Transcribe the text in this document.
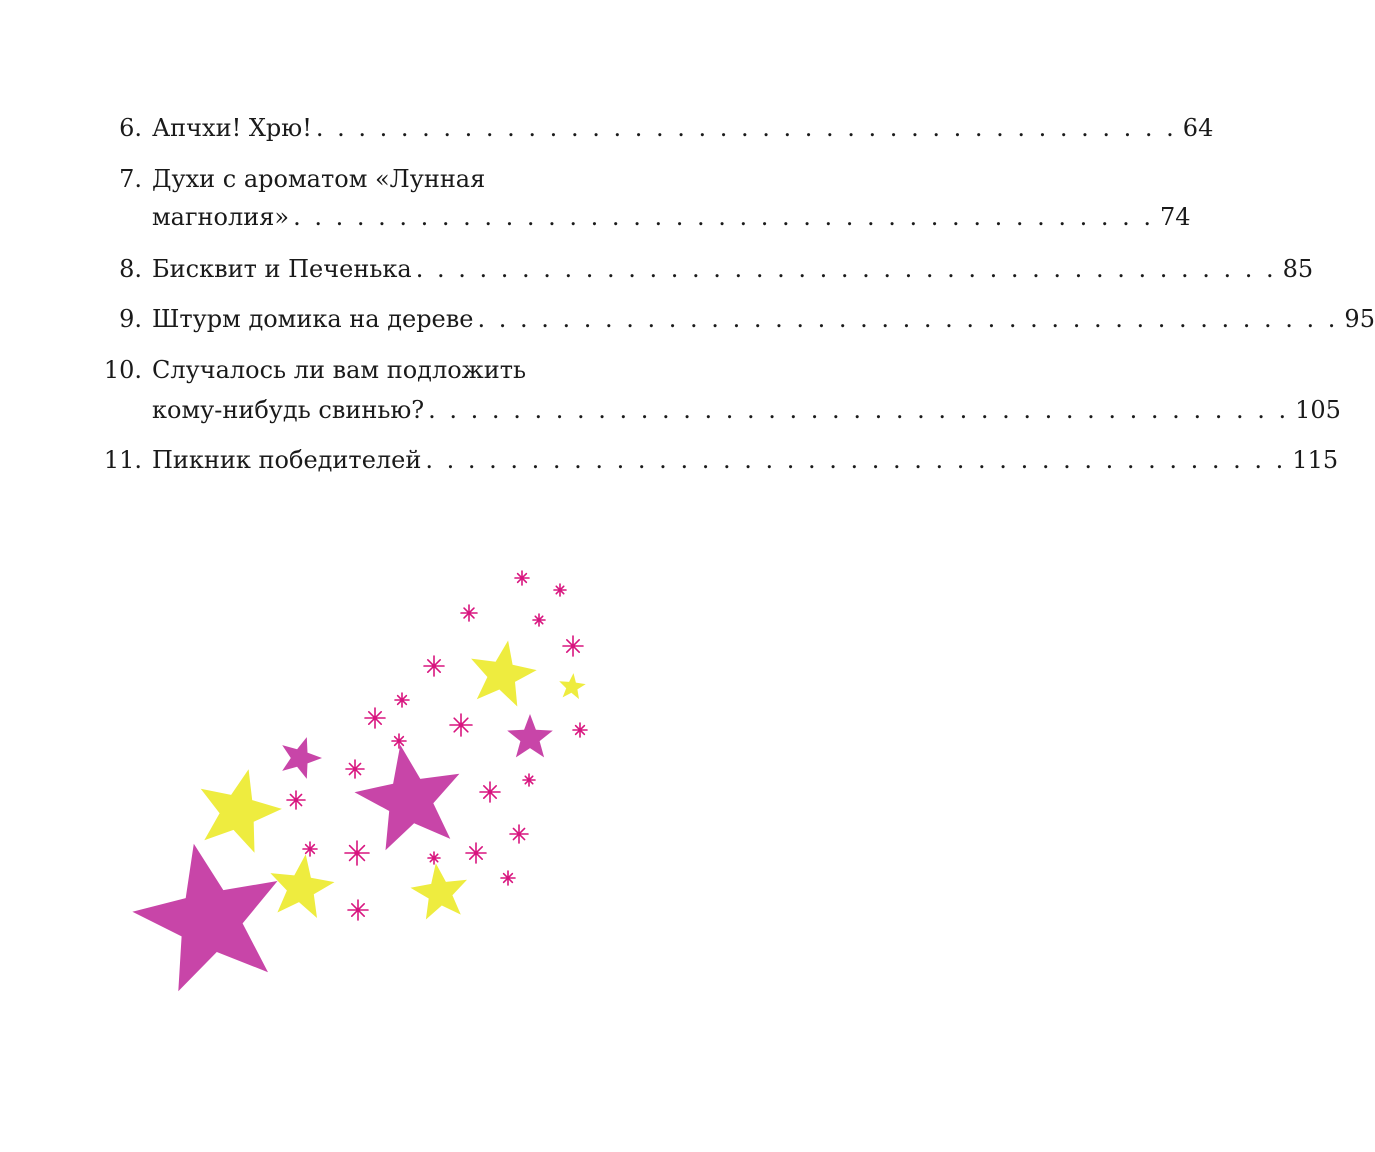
6. Апчхи! Хрю! . . . . . . . . . . . . . . . . . . . . . . . . . . . . . . . . . . . . . . . . . 64
7. Духи с ароматом «Лунная
магнолия» . . . . . . . . . . . . . . . . . . . . . . . . . . . . . . . . . . . . . . . . . 74
8. Бисквит и Печенька . . . . . . . . . . . . . . . . . . . . . . . . . . . . . . . . . . . . . . . . . 85
9. Штурм домика на дереве . . . . . . . . . . . . . . . . . . . . . . . . . . . . . . . . . . . . . . . . . 95
10. Случалось ли вам подложить
кому-нибудь свинью? . . . . . . . . . . . . . . . . . . . . . . . . . . . . . . . . . . . . . . . . . 105
11. Пикник победителей . . . . . . . . . . . . . . . . . . . . . . . . . . . . . . . . . . . . . . . . . 115
